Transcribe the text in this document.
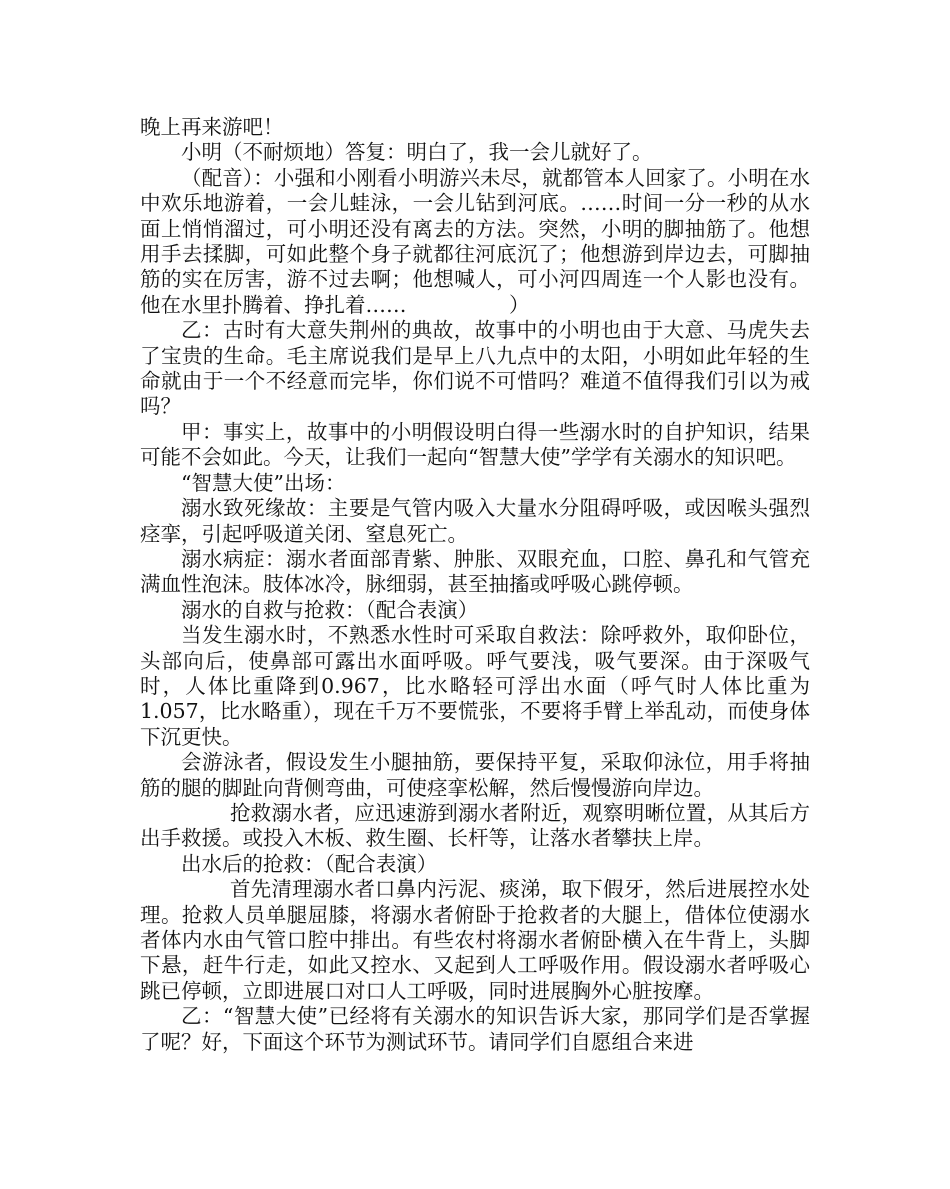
晚上再来游吧！

小明（不耐烦地）答复：明白了，我一会儿就好了。

（配音）：小强和小刚看小明游兴未尽，就都管本人回家了。小明在水中欢乐地游着，一会儿蛙泳，一会儿钻到河底。……时间一分一秒的从水面上悄悄溜过，可小明还没有离去的方法。突然，小明的脚抽筋了。他想用手去揉脚，可如此整个身子就都往河底沉了；他想游到岸边去，可脚抽筋的实在厉害，游不过去啊；他想喊人，可小河四周连一个人影也没有。他在水里扑腾着、挣扎着……　　　　　）

乙：古时有大意失荆州的典故，故事中的小明也由于大意、马虎失去了宝贵的生命。毛主席说我们是早上八九点中的太阳，小明如此年轻的生命就由于一个不经意而完毕，你们说不可惜吗？难道不值得我们引以为戒吗？

甲：事实上，故事中的小明假设明白得一些溺水时的自护知识，结果可能不会如此。今天，让我们一起向“智慧大使”学学有关溺水的知识吧。

“智慧大使”出场：

溺水致死缘故：主要是气管内吸入大量水分阻碍呼吸，或因喉头强烈痉挛，引起呼吸道关闭、窒息死亡。

溺水病症：溺水者面部青紫、肿胀、双眼充血，口腔、鼻孔和气管充满血性泡沫。肢体冰冷，脉细弱，甚至抽搐或呼吸心跳停顿。

溺水的自救与抢救：（配合表演）

当发生溺水时，不熟悉水性时可采取自救法：除呼救外，取仰卧位，头部向后，使鼻部可露出水面呼吸。呼气要浅，吸气要深。由于深吸气时，人体比重降到0.967，比水略轻可浮出水面（呼气时人体比重为1.057，比水略重），现在千万不要慌张，不要将手臂上举乱动，而使身体下沉更快。

会游泳者，假设发生小腿抽筋，要保持平复，采取仰泳位，用手将抽筋的腿的脚趾向背侧弯曲，可使痉挛松解，然后慢慢游向岸边。

抢救溺水者，应迅速游到溺水者附近，观察明晰位置，从其后方出手救援。或投入木板、救生圈、长杆等，让落水者攀扶上岸。

出水后的抢救：（配合表演）

首先清理溺水者口鼻内污泥、痰涕，取下假牙，然后进展控水处理。抢救人员单腿屈膝，将溺水者俯卧于抢救者的大腿上，借体位使溺水者体内水由气管口腔中排出。有些农村将溺水者俯卧横入在牛背上，头脚下悬，赶牛行走，如此又控水、又起到人工呼吸作用。假设溺水者呼吸心跳已停顿，立即进展口对口人工呼吸，同时进展胸外心脏按摩。

乙：“智慧大使”已经将有关溺水的知识告诉大家，那同学们是否掌握了呢？好，下面这个环节为测试环节。请同学们自愿组合来进
